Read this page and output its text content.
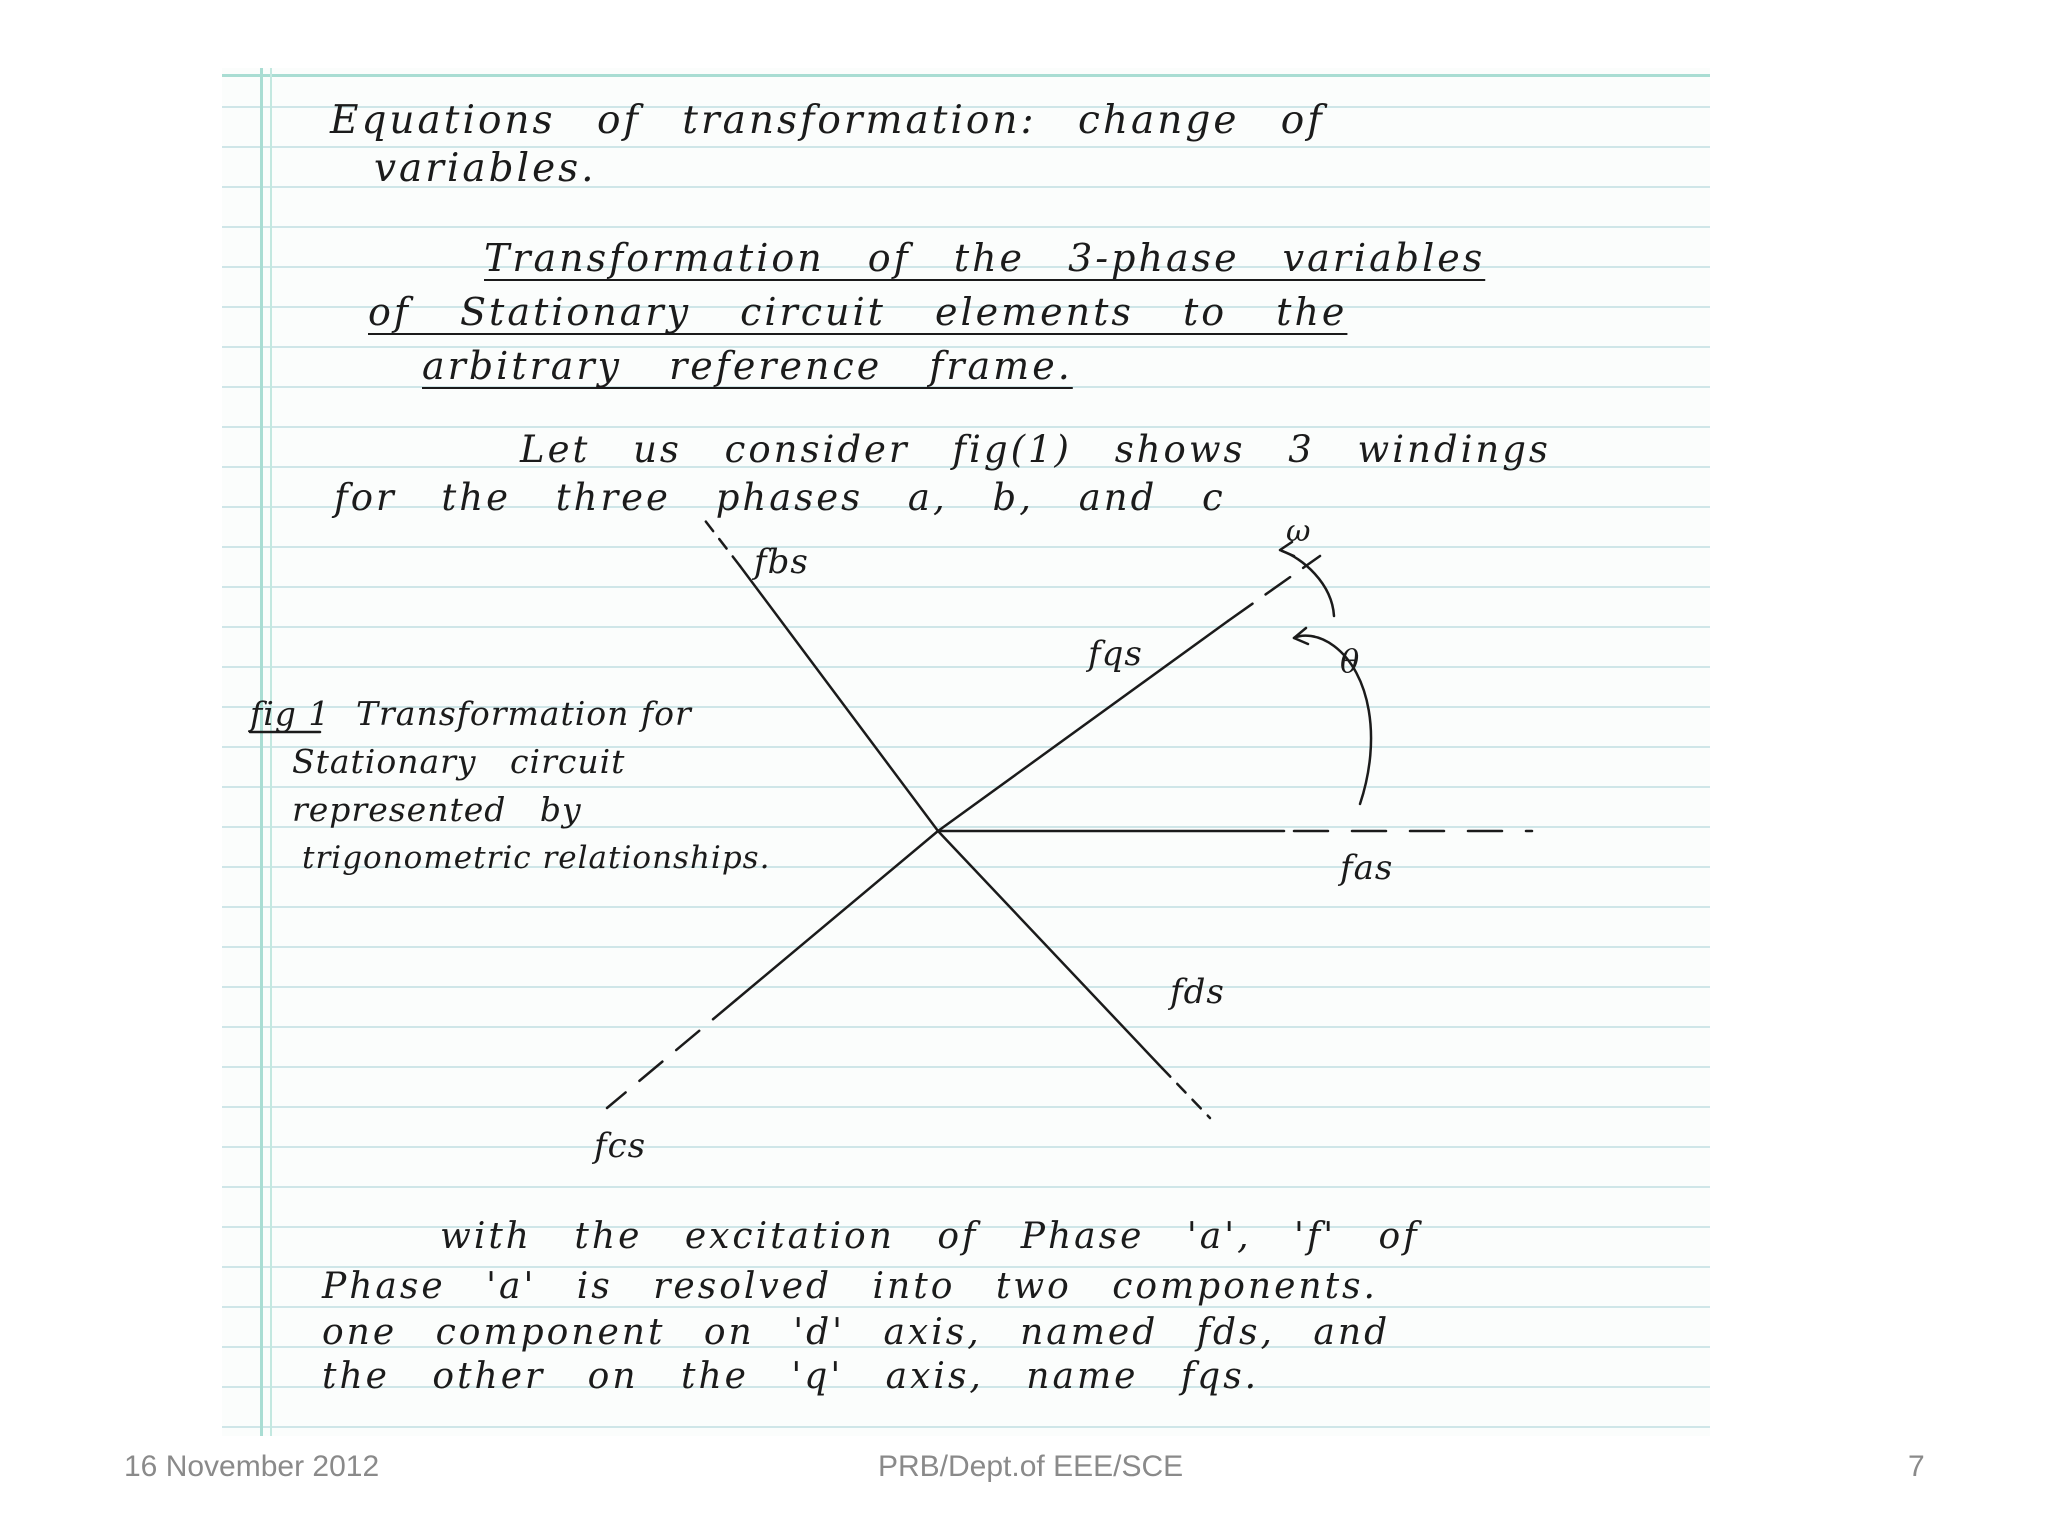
Equations of transformation: change of
variables.
Transformation of the 3-phase variables
of Stationary circuit elements to the
arbitrary reference frame.
Let us consider fig(1) shows 3 windings
for the three phases a, b, and c
fbs
fqs
fas
fds
fcs
ω
θ
fig 1 Transformation for
Stationary circuit
represented by
trigonometric relationships.
with the excitation of Phase 'a', 'f' of
Phase 'a' is resolved into two components.
one component on 'd' axis, named fds, and
the other on the 'q' axis, name fqs.
16 November 2012	PRB/Dept.of EEE/SCE	7
